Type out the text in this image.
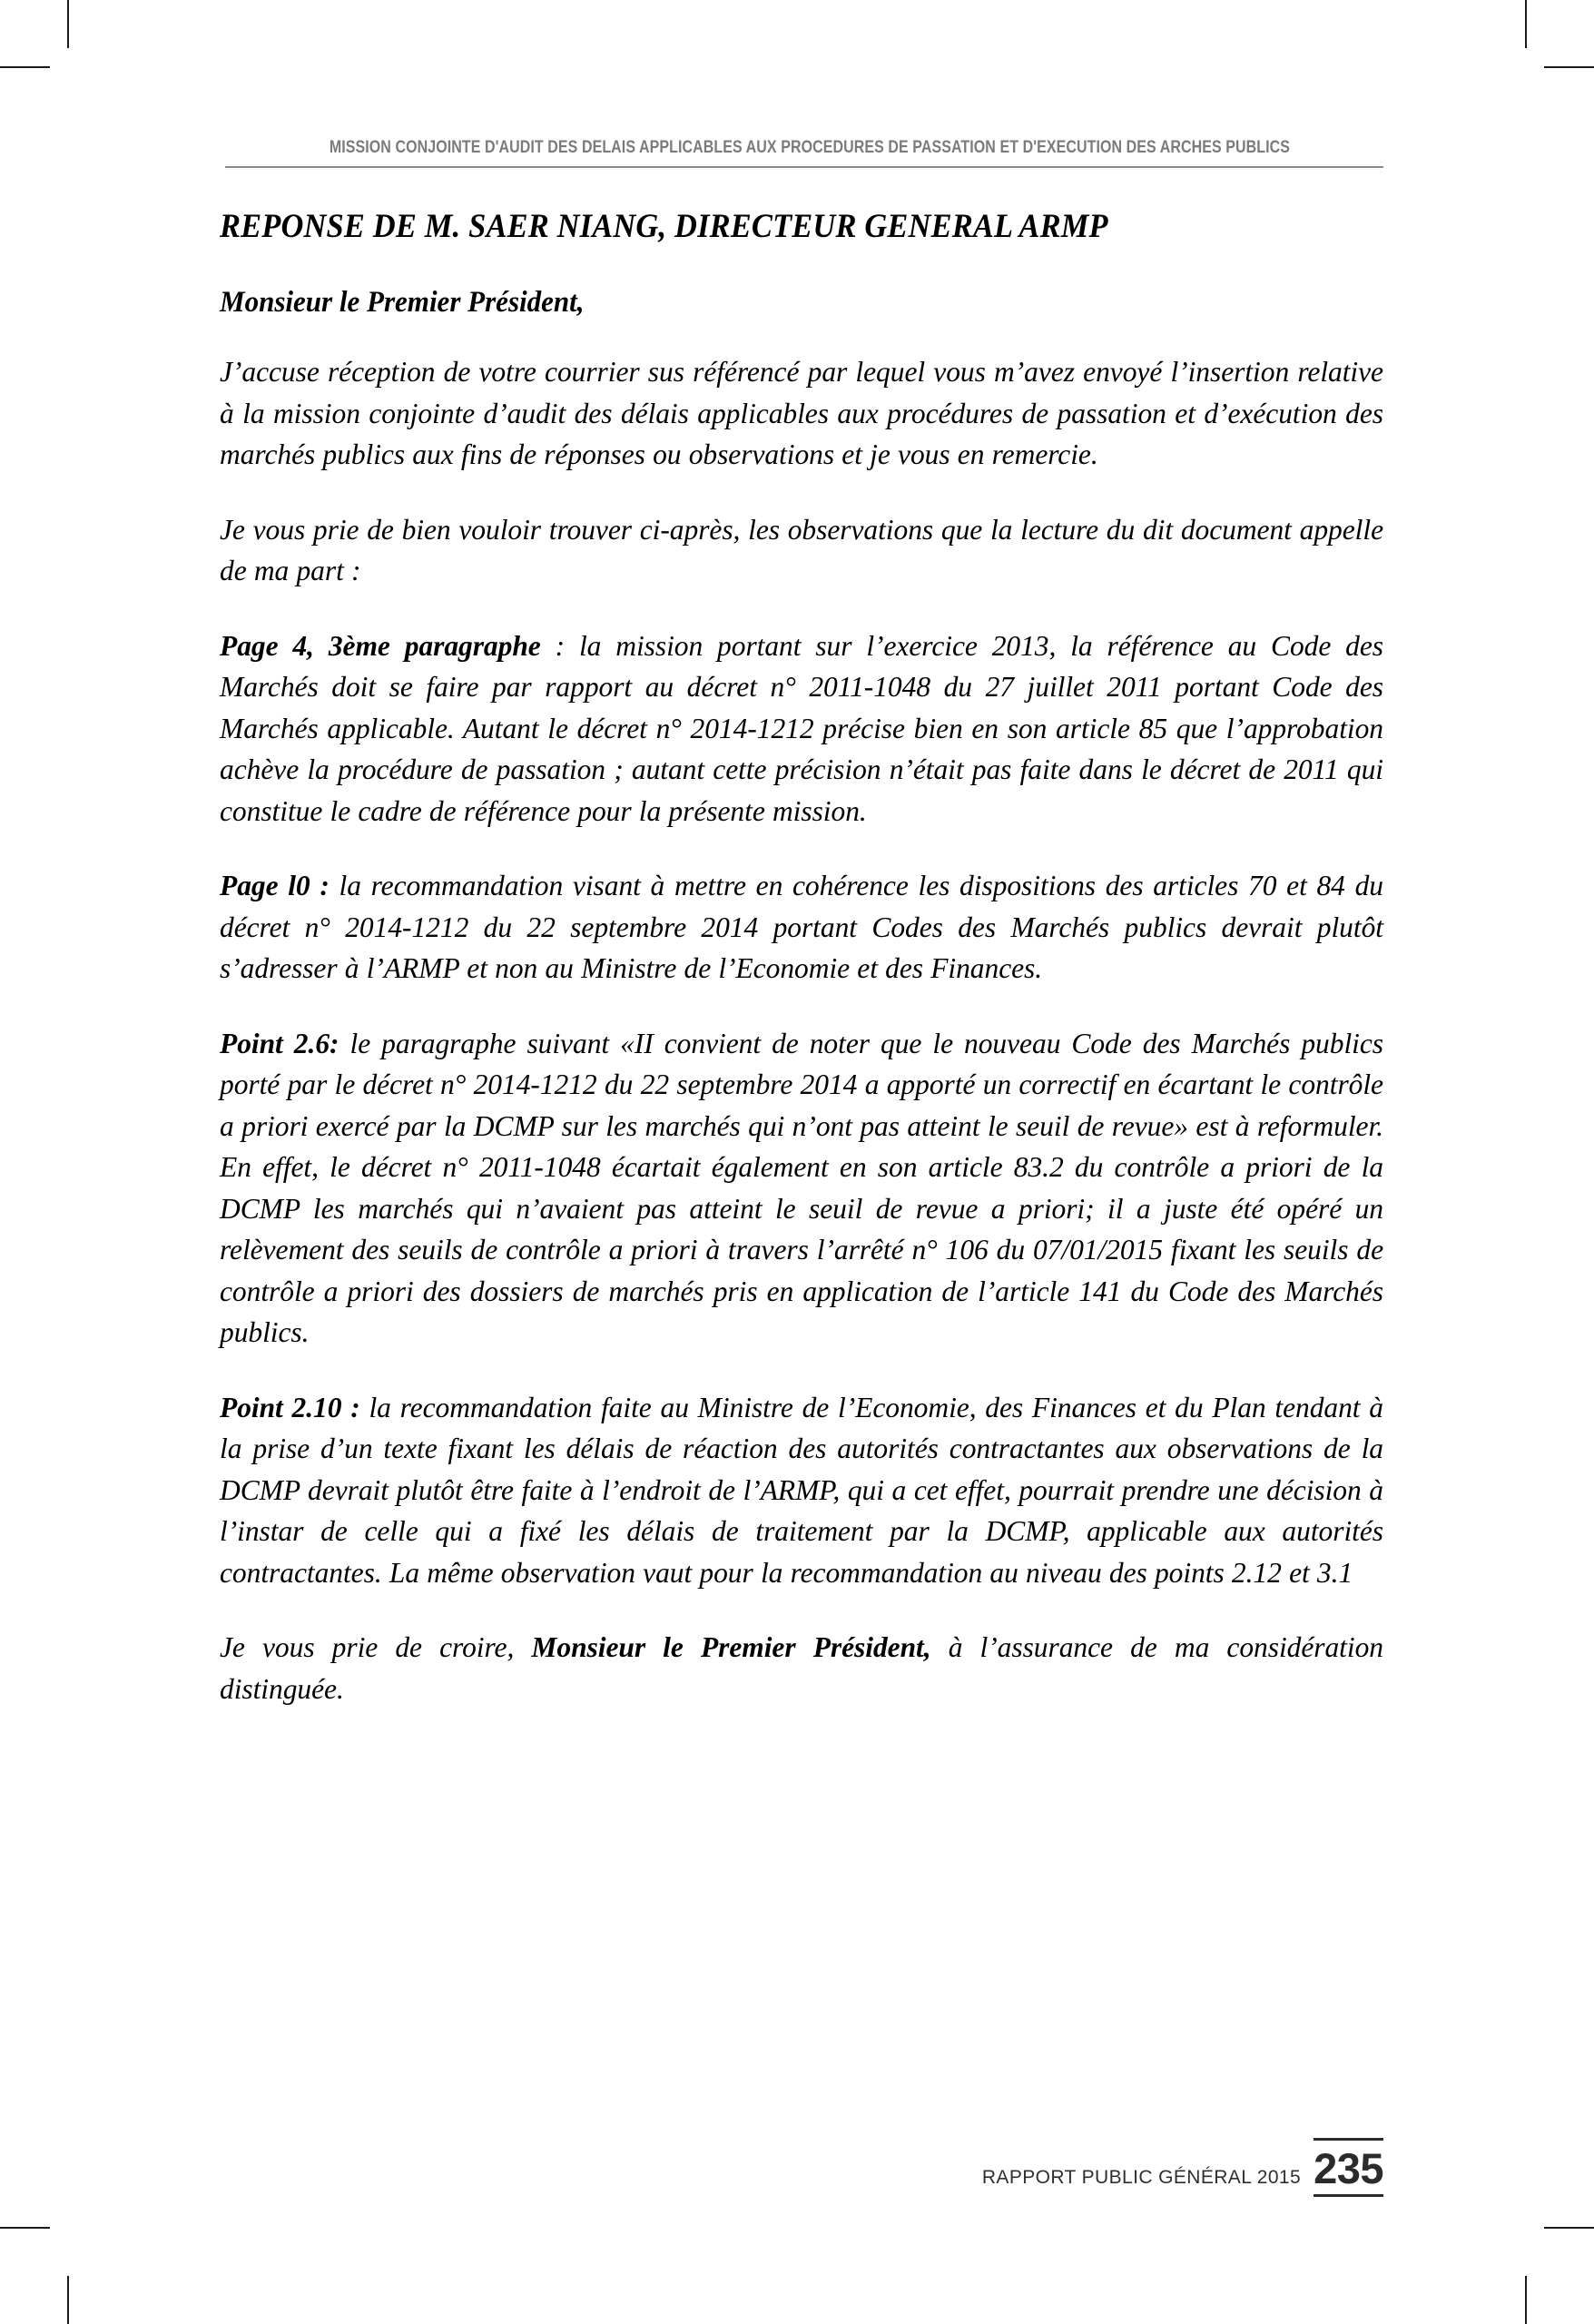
MISSION CONJOINTE D'AUDIT DES DELAIS APPLICABLES AUX PROCEDURES DE PASSATION ET D'EXECUTION DES ARCHES PUBLICS
REPONSE DE M. SAER NIANG, DIRECTEUR GENERAL ARMP
Monsieur le Premier Président,

J’accuse réception de votre courrier sus référencé par lequel vous m’avez envoyé l’insertion relative à la mission conjointe d’audit des délais applicables aux procédures de passation et d’exécution des marchés publics aux fins de réponses ou observations et je vous en remercie.

Je vous prie de bien vouloir trouver ci-après, les observations que la lecture du dit document appelle de ma part :

Page 4, 3ème paragraphe : la mission portant sur l’exercice 2013, la référence au Code des Marchés doit se faire par rapport au décret n° 2011-1048 du 27 juillet 2011 portant Code des Marchés applicable. Autant le décret n° 2014-1212 précise bien en son article 85 que l’approbation achève la procédure de passation ; autant cette précision n’était pas faite dans le décret de 2011 qui constitue le cadre de référence pour la présente mission.

Page l0 : la recommandation visant à mettre en cohérence les dispositions des articles 70 et 84 du décret n° 2014-1212 du 22 septembre 2014 portant Codes des Marchés publics devrait plutôt s’adresser à l’ARMP et non au Ministre de l’Economie et des Finances.

Point 2.6: le paragraphe suivant «II convient de noter que le nouveau Code des Marchés publics porté par le décret n° 2014-1212 du 22 septembre 2014 a apporté un correctif en écartant le contrôle a priori exercé par la DCMP sur les marchés qui n’ont pas atteint le seuil de revue» est à reformuler. En effet, le décret n° 2011-1048 écartait également en son article 83.2 du contrôle a priori de la DCMP les marchés qui n’avaient pas atteint le seuil de revue a priori; il a juste été opéré un relèvement des seuils de contrôle a priori à travers l’arrêté n° 106 du 07/01/2015 fixant les seuils de contrôle a priori des dossiers de marchés pris en application de l’article 141 du Code des Marchés publics.

Point 2.10 : la recommandation faite au Ministre de l’Economie, des Finances et du Plan tendant à la prise d’un texte fixant les délais de réaction des autorités contractantes aux observations de la DCMP devrait plutôt être faite à l’endroit de l’ARMP, qui a cet effet, pourrait prendre une décision à l’instar de celle qui a fixé les délais de traitement par la DCMP, applicable aux autorités contractantes. La même observation vaut pour la recommandation au niveau des points 2.12 et 3.1

Je vous prie de croire, Monsieur le Premier Président, à l’assurance de ma considération distinguée.

RAPPORT PUBLIC GÉNÉRAL 2015 235
